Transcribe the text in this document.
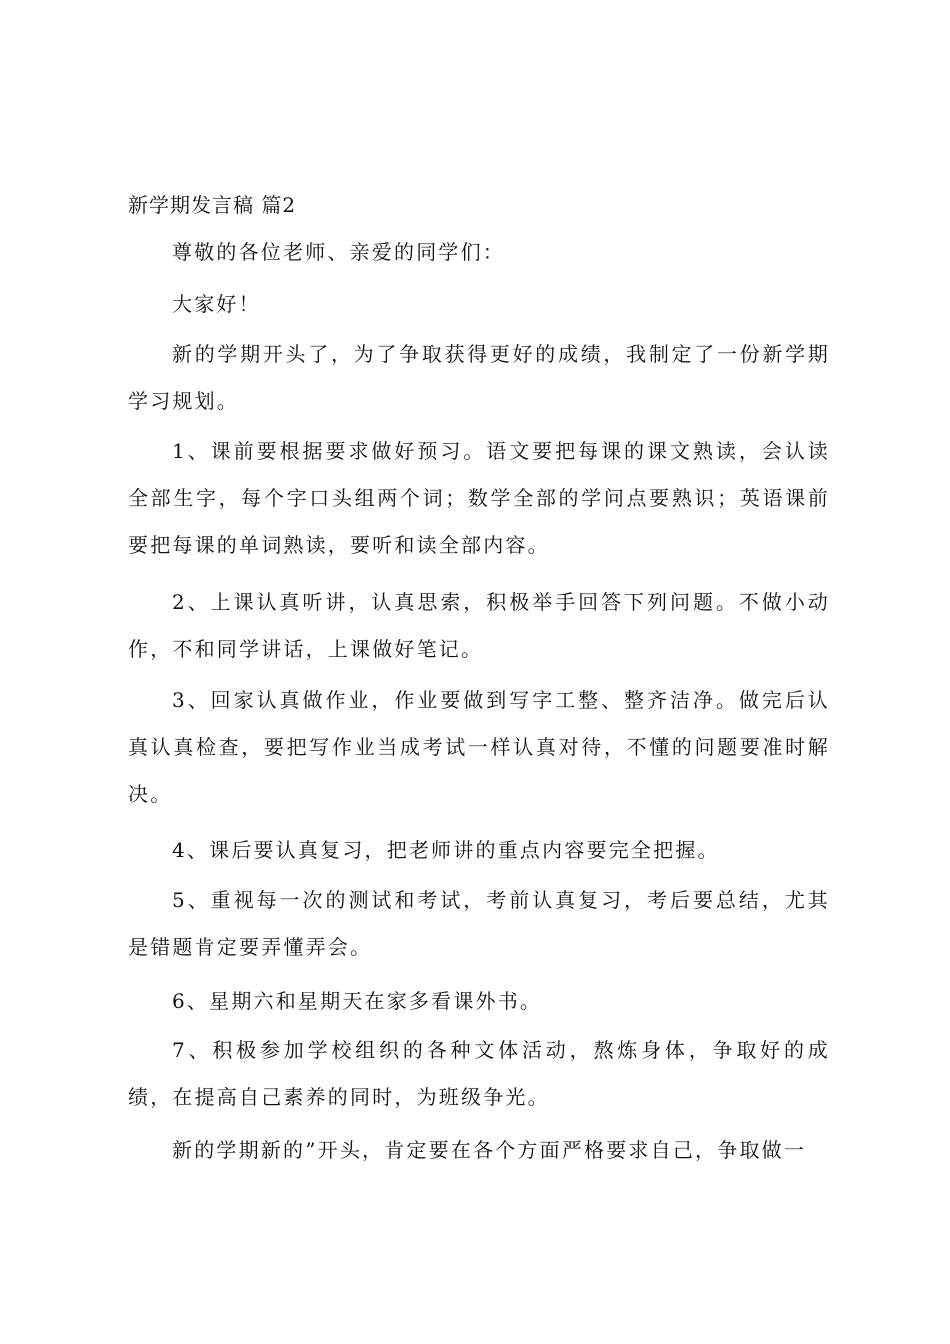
新学期发言稿 篇2

尊敬的各位老师、亲爱的同学们：

大家好！

新的学期开头了，为了争取获得更好的成绩，我制定了一份新学期学习规划。

1、课前要根据要求做好预习。语文要把每课的课文熟读，会认读全部生字，每个字口头组两个词；数学全部的学问点要熟识；英语课前要把每课的单词熟读，要听和读全部内容。

2、上课认真听讲，认真思索，积极举手回答下列问题。不做小动作，不和同学讲话，上课做好笔记。

3、回家认真做作业，作业要做到写字工整、整齐洁净。做完后认真认真检查，要把写作业当成考试一样认真对待，不懂的问题要准时解决。

4、课后要认真复习，把老师讲的重点内容要完全把握。

5、重视每一次的测试和考试，考前认真复习，考后要总结，尤其是错题肯定要弄懂弄会。

6、星期六和星期天在家多看课外书。

7、积极参加学校组织的各种文体活动，熬炼身体，争取好的成绩，在提高自己素养的同时，为班级争光。

新的学期新的”开头，肯定要在各个方面严格要求自己，争取做一
